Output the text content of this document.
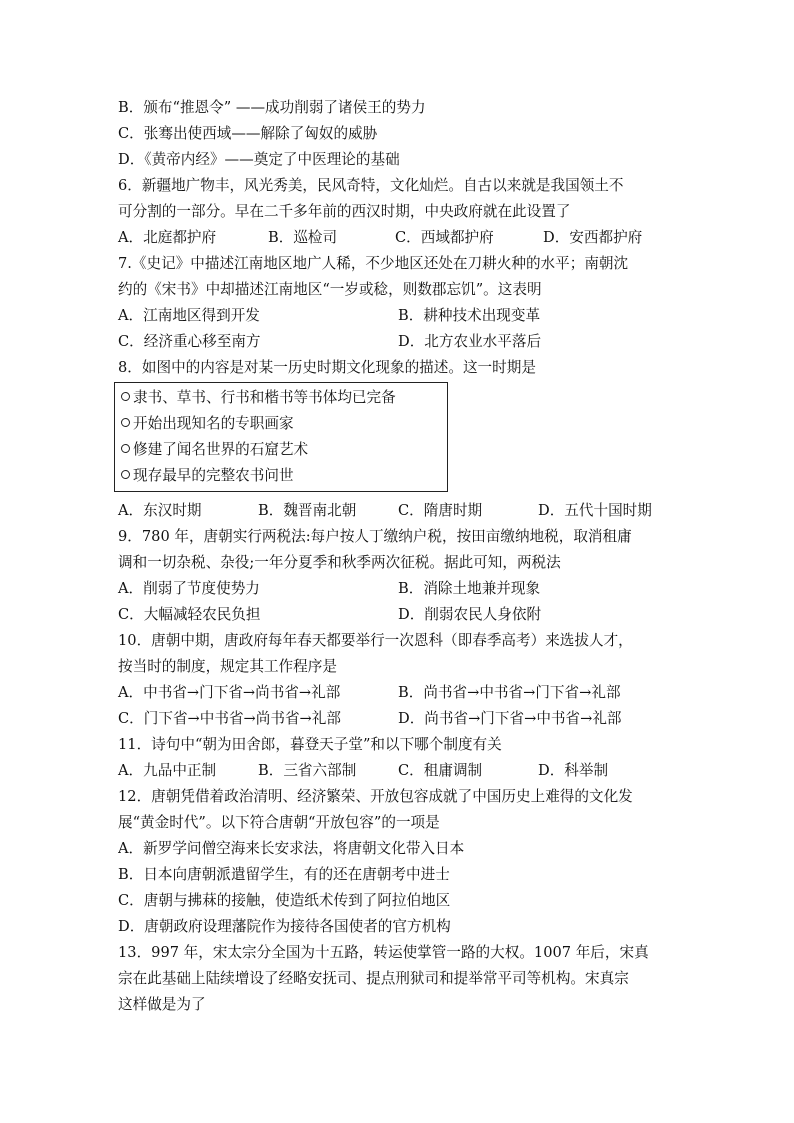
B．颁布“推恩令” ——成功削弱了诸侯王的势力
C．张骞出使西域——解除了匈奴的威胁
D．《黄帝内经》——奠定了中医理论的基础
6．新疆地广物丰，风光秀美，民风奇特，文化灿烂。自古以来就是我国领土不
可分割的一部分。早在二千多年前的西汉时期，中央政府就在此设置了
A．北庭都护府	B．巡检司	C．西域都护府	D．安西都护府
7.《史记》中描述江南地区地广人稀，不少地区还处在刀耕火种的水平；南朝沈
约的《宋书》中却描述江南地区“一岁或稔，则数郡忘饥”。这表明
A．江南地区得到开发	B．耕种技术出现变革
C．经济重心移至南方	D．北方农业水平落后
8．如图中的内容是对某一历史时期文化现象的描述。这一时期是
隶书、草书、行书和楷书等书体均已完备
开始出现知名的专职画家
修建了闻名世界的石窟艺术
现存最早的完整农书问世
A．东汉时期	B．魏晋南北朝	C．隋唐时期	D．五代十国时期
9．780 年，唐朝实行两税法:每户按人丁缴纳户税，按田亩缴纳地税，取消租庸
调和一切杂税、杂役;一年分夏季和秋季两次征税。据此可知，两税法
A．削弱了节度使势力	B．消除土地兼并现象
C．大幅减轻农民负担	D．削弱农民人身依附
10．唐朝中期，唐政府每年春天都要举行一次恩科（即春季高考）来选拔人才，
按当时的制度，规定其工作程序是
A．中书省→门下省→尚书省→礼部	B．尚书省→中书省→门下省→礼部
C．门下省→中书省→尚书省→礼部	D．尚书省→门下省→中书省→礼部
11．诗句中“朝为田舍郎，暮登天子堂”和以下哪个制度有关
A．九品中正制	B．三省六部制	C．租庸调制	D．科举制
12．唐朝凭借着政治清明、经济繁荣、开放包容成就了中国历史上难得的文化发
展“黄金时代”。以下符合唐朝“开放包容”的一项是
A．新罗学问僧空海来长安求法，将唐朝文化带入日本
B．日本向唐朝派遣留学生，有的还在唐朝考中进士
C．唐朝与拂菻的接触，使造纸术传到了阿拉伯地区
D．唐朝政府设理藩院作为接待各国使者的官方机构
13．997 年，宋太宗分全国为十五路，转运使掌管一路的大权。1007 年后，宋真
宗在此基础上陆续增设了经略安抚司、提点刑狱司和提举常平司等机构。宋真宗
这样做是为了
